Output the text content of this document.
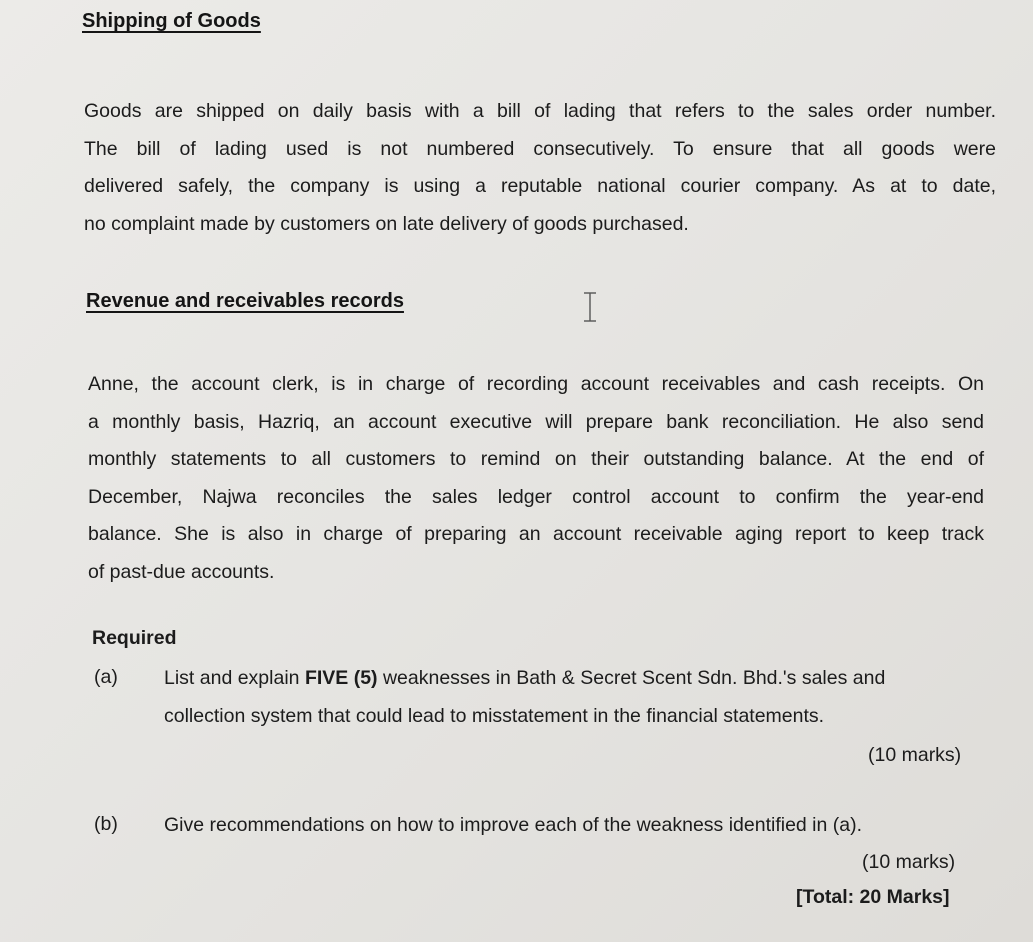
Shipping of Goods
Goods are shipped on daily basis with a bill of lading that refers to the sales order number.
The bill of lading used is not numbered consecutively. To ensure that all goods were
delivered safely, the company is using a reputable national courier company. As at to date,
no complaint made by customers on late delivery of goods purchased.
Revenue and receivables records
Anne, the account clerk, is in charge of recording account receivables and cash receipts. On
a monthly basis, Hazriq, an account executive will prepare bank reconciliation. He also send
monthly statements to all customers to remind on their outstanding balance. At the end of
December, Najwa reconciles the sales ledger control account to confirm the year-end
balance. She is also in charge of preparing an account receivable aging report to keep track
of past-due accounts.
Required
(a) List and explain FIVE (5) weaknesses in Bath & Secret Scent Sdn. Bhd.'s sales and
collection system that could lead to misstatement in the financial statements.
(10 marks)
(b) Give recommendations on how to improve each of the weakness identified in (a).
(10 marks)
[Total: 20 Marks]
